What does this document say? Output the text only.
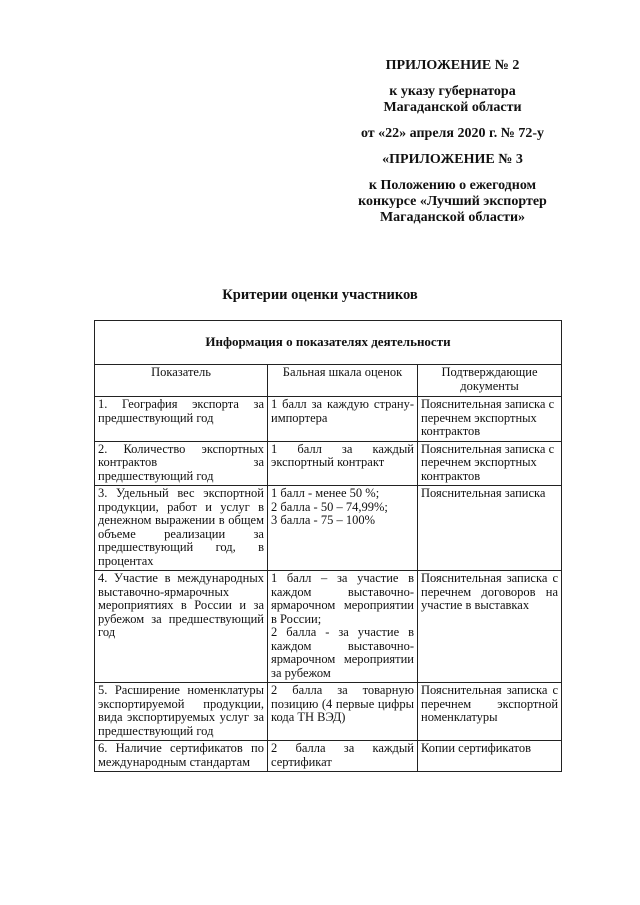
ПРИЛОЖЕНИЕ № 2
к указу губернатора
Магаданской области
от «22» апреля 2020 г. № 72-у
«ПРИЛОЖЕНИЕ № 3
к Положению о ежегодном
конкурсе «Лучший экспортер
Магаданской области»
Критерии оценки участников
Информация о показателях деятельности		
Показатель	Бальная шкала оценок	Подтверждающие документы
1. География экспорта за предшествующий год	1 балл за каждую страну-импортера	Пояснительная записка с перечнем экспортных контрактов
2. Количество экспортных контрактов за предшествующий год	1 балл за каждый экспортный контракт	Пояснительная записка с перечнем экспортных контрактов
3. Удельный вес экспортной продукции, работ и услуг в денежном выражении в общем объеме реализации за предшествующий год, в процентах	1 балл - менее 50 %;
2 балла - 50 – 74,99%;
3 балла - 75 – 100%	Пояснительная записка
4. Участие в международных выставочно-ярмарочных мероприятиях в России и за рубежом за предшествующий год	1 балл – за участие в каждом выставочно-ярмарочном мероприятии в России;
2 балла - за участие в каждом выставочно-ярмарочном мероприятии за рубежом	Пояснительная записка с перечнем договоров на участие в выставках
5. Расширение номенклатуры экспортируемой продукции, вида экспортируемых услуг за предшествующий год	2 балла за товарную позицию (4 первые цифры кода ТН ВЭД)	Пояснительная записка с перечнем экспортной номенклатуры
6. Наличие сертификатов по международным стандартам	2 балла за каждый сертификат	Копии сертификатов
